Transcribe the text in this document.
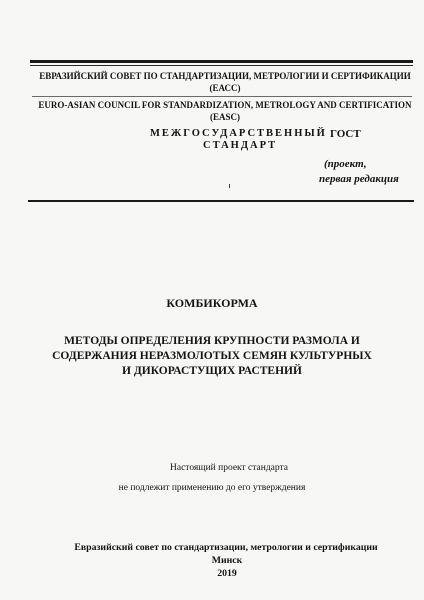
ЕВРАЗИЙСКИЙ СОВЕТ ПО СТАНДАРТИЗАЦИИ, МЕТРОЛОГИИ И СЕРТИФИКАЦИИ
(ЕАСС)
EURO-ASIAN COUNCIL FOR STANDARDIZATION, METROLOGY AND CERTIFICATION
(EASC)
МЕЖГОСУДАРСТВЕННЫЙ
СТАНДАРТ
ГОСТ
(проект,
первая редакция
КОМБИКОРМА
МЕТОДЫ ОПРЕДЕЛЕНИЯ КРУПНОСТИ РАЗМОЛА И
СОДЕРЖАНИЯ НЕРАЗМОЛОТЫХ СЕМЯН КУЛЬТУРНЫХ
И ДИКОРАСТУЩИХ РАСТЕНИЙ
Настоящий проект стандарта
не подлежит применению до его утверждения
Евразийский совет по стандартизации, метрологии и сертификации
Минск
2019
